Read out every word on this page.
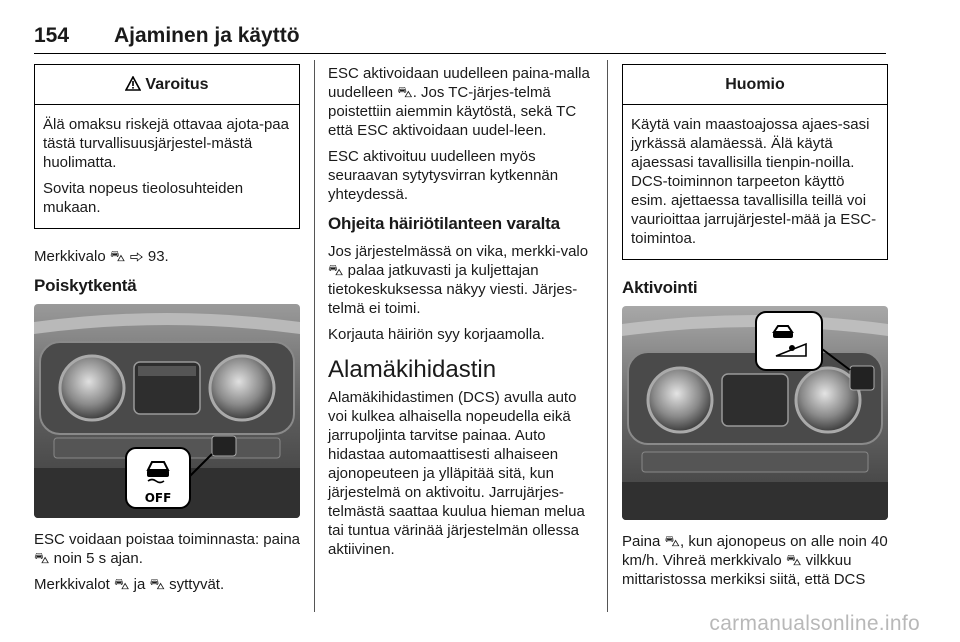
154 Ajaminen ja käyttö
Varoitus

Älä omaksu riskejä ottavaa ajota-paa tästä turvallisuusjärjestel-mästä huolimatta.

Sovita nopeus tieolosuhteiden mukaan.

Merkkivalo ⛍ ⇨ 93.

Poiskytkentä
OFF

ESC voidaan poistaa toiminnasta: paina ⛍ noin 5 s ajan.

Merkkivalot ⛍ ja ⛍ syttyvät.

ESC aktivoidaan uudelleen paina-malla uudelleen ⛍. Jos TC-järjes-telmä poistettiin aiemmin käytöstä, sekä TC että ESC aktivoidaan uudel-leen.

ESC aktivoituu uudelleen myös seuraavan sytytysvirran kytkennän yhteydessä.

Ohjeita häiriötilanteen varalta

Jos järjestelmässä on vika, merkki-valo ⛍ palaa jatkuvasti ja kuljettajan tietokeskuksessa näkyy viesti. Järjes-telmä ei toimi.

Korjauta häiriön syy korjaamolla.

Alamäkihidastin

Alamäkihidastimen (DCS) avulla auto voi kulkea alhaisella nopeudella eikä jarrupoljinta tarvitse painaa. Auto hidastaa automaattisesti alhaiseen ajonopeuteen ja ylläpitää sitä, kun järjestelmä on aktivoitu. Jarrujärjes-telmästä saattaa kuulua hieman melua tai tuntua värinää järjestelmän ollessa aktiivinen.

Huomio

Käytä vain maastoajossa ajaes-sasi jyrkässä alamäessä. Älä käytä ajaessasi tavallisilla tienpin-noilla. DCS-toiminnon tarpeeton käyttö esim. ajettaessa tavallisilla teillä voi vaurioittaa jarrujärjestel-mää ja ESC-toimintoa.

Aktivointi

Paina ⛍, kun ajonopeus on alle noin 40 km/h. Vihreä merkkivalo ⛍ vilkkuu mittaristossa merkiksi siitä, että DCS

carmanualsonline.info
